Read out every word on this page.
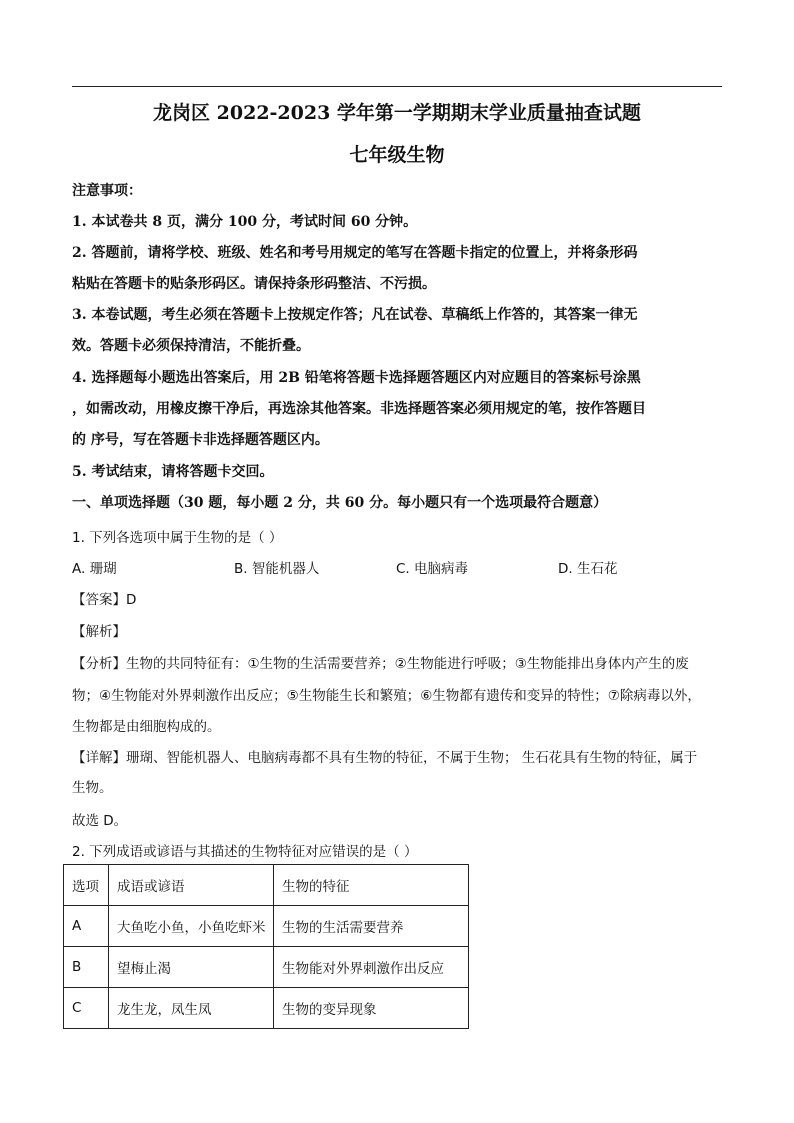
龙岗区 2022-2023 学年第一学期期末学业质量抽查试题
七年级生物
注意事项：
1. 本试卷共 8 页，满分 100 分，考试时间 60 分钟。
2. 答题前，请将学校、班级、姓名和考号用规定的笔写在答题卡指定的位置上，并将条形码
粘贴在答题卡的贴条形码区。请保持条形码整洁、不污损。
3. 本卷试题，考生必须在答题卡上按规定作答；凡在试卷、草稿纸上作答的，其答案一律无
效。答题卡必须保持清洁，不能折叠。
4. 选择题每小题选出答案后，用 2B 铅笔将答题卡选择题答题区内对应题目的答案标号涂黑
，如需改动，用橡皮擦干净后，再选涂其他答案。非选择题答案必须用规定的笔，按作答题目
的 序号，写在答题卡非选择题答题区内。
5. 考试结束，请将答题卡交回。
一、单项选择题（30 题，每小题 2 分，共 60 分。每小题只有一个选项最符合题意）
1. 下列各选项中属于生物的是（ ）
A. 珊瑚	B. 智能机器人	C. 电脑病毒	D. 生石花
【答案】D
【解析】
【分析】生物的共同特征有：①生物的生活需要营养；②生物能进行呼吸；③生物能排出身体内产生的废
物；④生物能对外界刺激作出反应；⑤生物能生长和繁殖；⑥生物都有遗传和变异的特性；⑦除病毒以外，
生物都是由细胞构成的。
【详解】珊瑚、智能机器人、电脑病毒都不具有生物的特征，不属于生物； 生石花具有生物的特征，属于
生物。
故选 D。
2. 下列成语或谚语与其描述的生物特征对应错误的是（ ）
选项	成语或谚语	生物的特征
A	大鱼吃小鱼，小鱼吃虾米	生物的生活需要营养
B	望梅止渴	生物能对外界刺激作出反应
C	龙生龙，凤生凤	生物的变异现象
